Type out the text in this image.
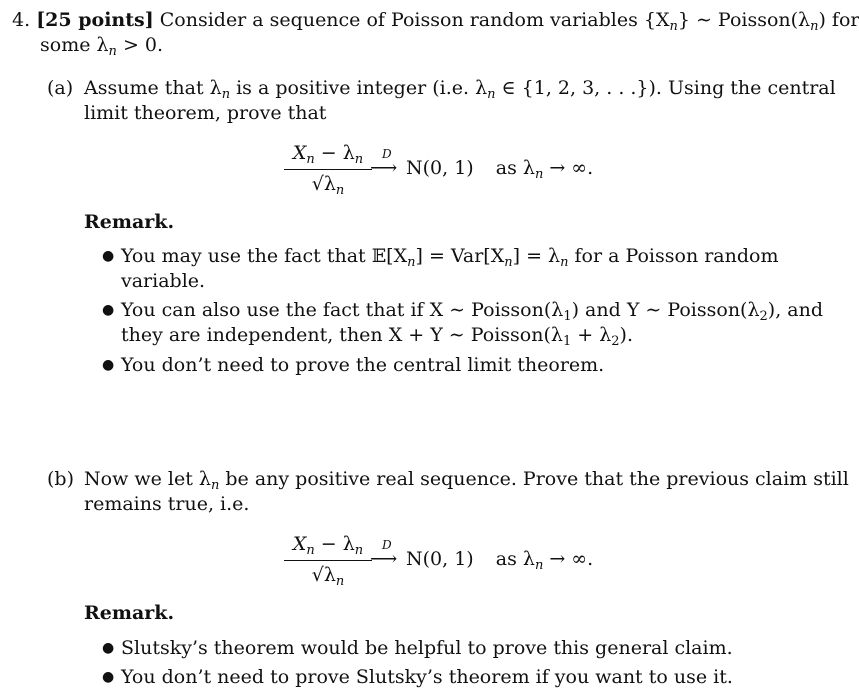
4. [25 points] Consider a sequence of Poisson random variables $\{X_n\}$ ∼ $Poisson(\lambda_n)$ for
some $\lambda_n > 0$.
(a) Assume that $\lambda_n$ is a positive integer (i.e. $\lambda_n$ ∈ {1, 2, 3, . . .}). Using the central
limit theorem, prove that
$X_n - \lambda_n$
$√\lambda_n$
D
⟶ N(0, 1) as $\lambda_n$ → ∞.
Remark.
● You may use the fact that $𝔼[X_n] = Var[X_n] = \lambda_n$ for a Poisson random
variable.
● You can also use the fact that if X ∼ $Poisson(\lambda_1)$ and Y ∼ $Poisson(\lambda_2)$, and
they are independent, then X + Y ∼ $Poisson(\lambda_1 + \lambda_2)$.
● You don’t need to prove the central limit theorem.
(b) Now we let $\lambda_n$ be any positive real sequence. Prove that the previous claim still
remains true, i.e.
$X_n - \lambda_n$
$√\lambda_n$
D
⟶ N(0, 1) as $\lambda_n$ → ∞.
Remark.
● Slutsky’s theorem would be helpful to prove this general claim.
● You don’t need to prove Slutsky’s theorem if you want to use it.
